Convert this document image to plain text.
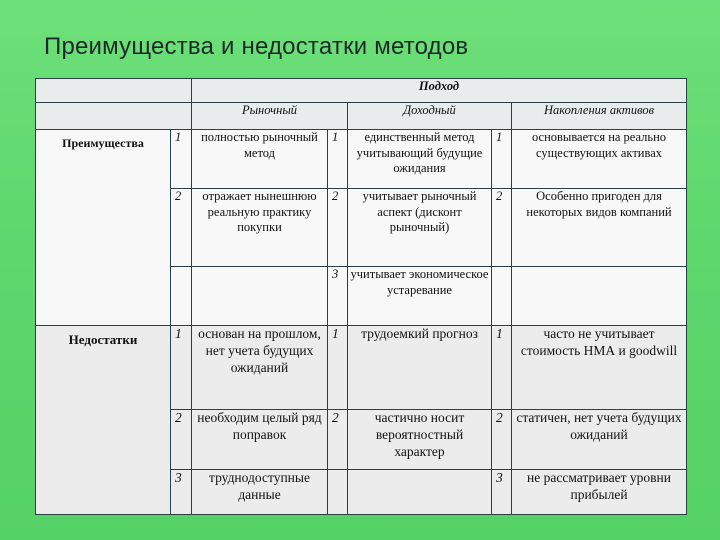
Преимущества и недостатки методов
		Подход				
		Рыночный		Доходный		Накопления активов
Преимущества	1	полностью рыночный метод	1	единственный метод учитывающий будущие ожидания	1	основывается на реально существующих активах
	2	отражает нынешнюю реальную практику покупки	2	учитывает рыночный аспект (дисконт рыночный)	2	Особенно пригоден для некоторых видов компаний
			3	учитывает экономическое устаревание		
Недостатки	1	основан на прошлом, нет учета будущих ожиданий	1	трудоемкий прогноз	1	часто не учитывает стоимость НМА и goodwill
	2	необходим целый ряд поправок	2	частично носит вероятностный характер	2	статичен, нет учета будущих ожиданий
	3	труднодоступные данные			3	не рассматривает уровни прибылей
